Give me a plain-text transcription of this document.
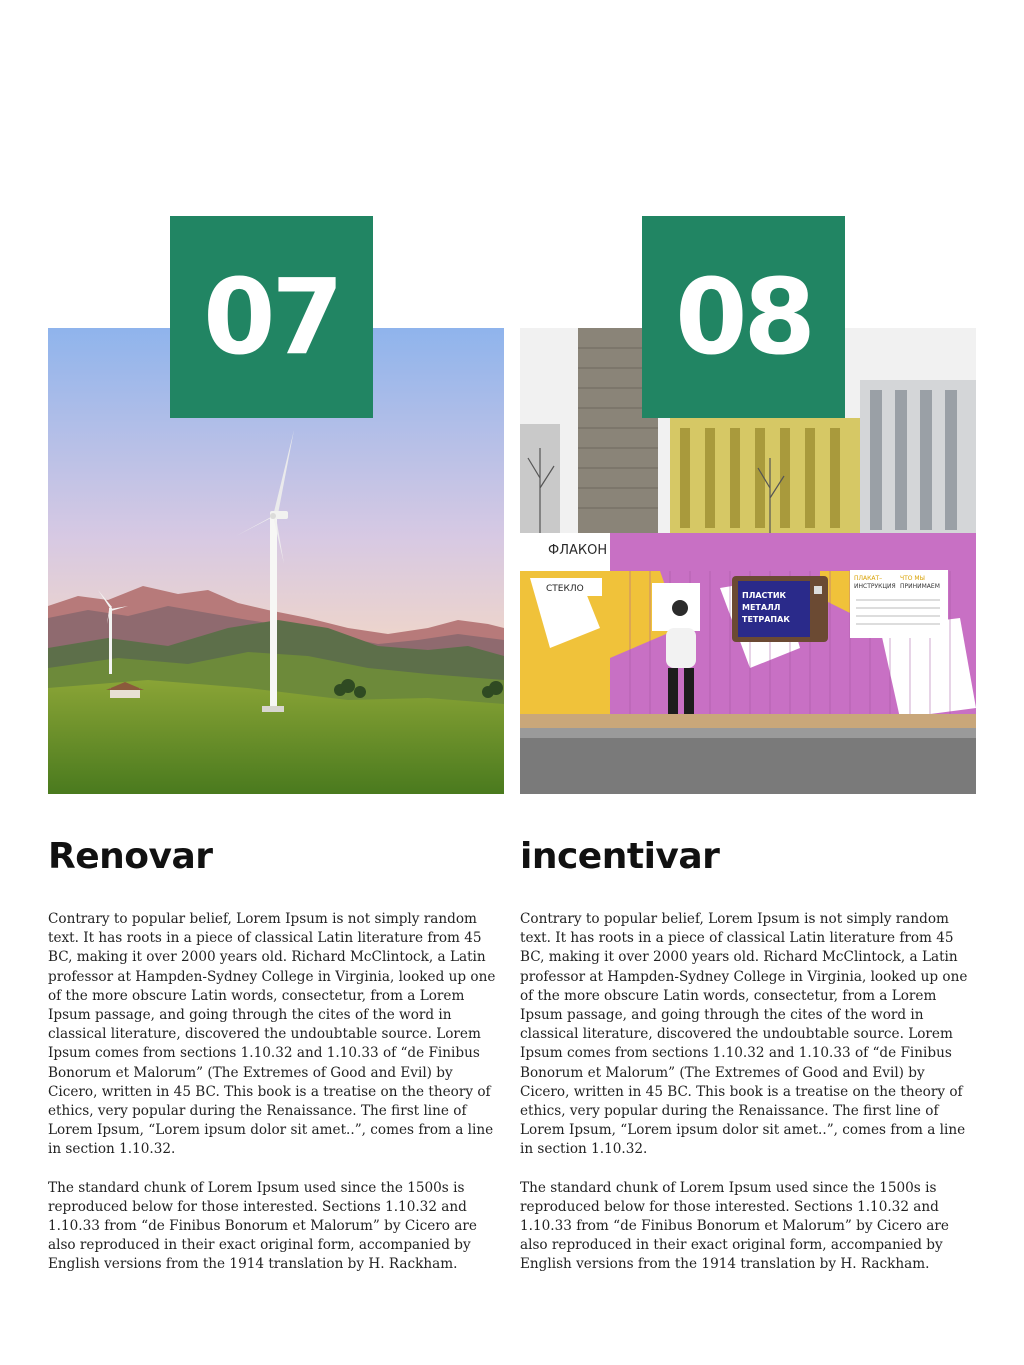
07
Renovar

Contrary to popular belief, Lorem Ipsum is not simply random text. It has roots in a piece of classical Latin literature from 45 BC, making it over 2000 years old. Richard McClintock, a Latin professor at Hampden-Sydney College in Virginia, looked up one of the more obscure Latin words, consectetur, from a Lorem Ipsum passage, and going through the cites of the word in classical literature, discovered the undoubtable source. Lorem Ipsum comes from sections 1.10.32 and 1.10.33 of “de Finibus Bonorum et Malorum” (The Extremes of Good and Evil) by Cicero, written in 45 BC. This book is a treatise on the theory of ethics, very popular during the Renaissance. The first line of Lorem Ipsum, “Lorem ipsum dolor sit amet..”, comes from a line in section 1.10.32.

The standard chunk of Lorem Ipsum used since the 1500s is reproduced below for those interested. Sections 1.10.32 and 1.10.33 from “de Finibus Bonorum et Malorum” by Cicero are also reproduced in their exact original form, accompanied by English versions from the 1914 translation by H. Rackham.

08
ФЛАКОН
СТЕКЛО
ПЛАСТИК
МЕТАЛЛ
ТЕТРАПАК
ПЛАКАТ–
ИНСТРУКЦИЯ
ЧТО МЫ
ПРИНИМАЕМ
incentivar

Contrary to popular belief, Lorem Ipsum is not simply random text. It has roots in a piece of classical Latin literature from 45 BC, making it over 2000 years old. Richard McClintock, a Latin professor at Hampden-Sydney College in Virginia, looked up one of the more obscure Latin words, consectetur, from a Lorem Ipsum passage, and going through the cites of the word in classical literature, discovered the undoubtable source. Lorem Ipsum comes from sections 1.10.32 and 1.10.33 of “de Finibus Bonorum et Malorum” (The Extremes of Good and Evil) by Cicero, written in 45 BC. This book is a treatise on the theory of ethics, very popular during the Renaissance. The first line of Lorem Ipsum, “Lorem ipsum dolor sit amet..”, comes from a line in section 1.10.32.

The standard chunk of Lorem Ipsum used since the 1500s is reproduced below for those interested. Sections 1.10.32 and 1.10.33 from “de Finibus Bonorum et Malorum” by Cicero are also reproduced in their exact original form, accompanied by English versions from the 1914 translation by H. Rackham.
